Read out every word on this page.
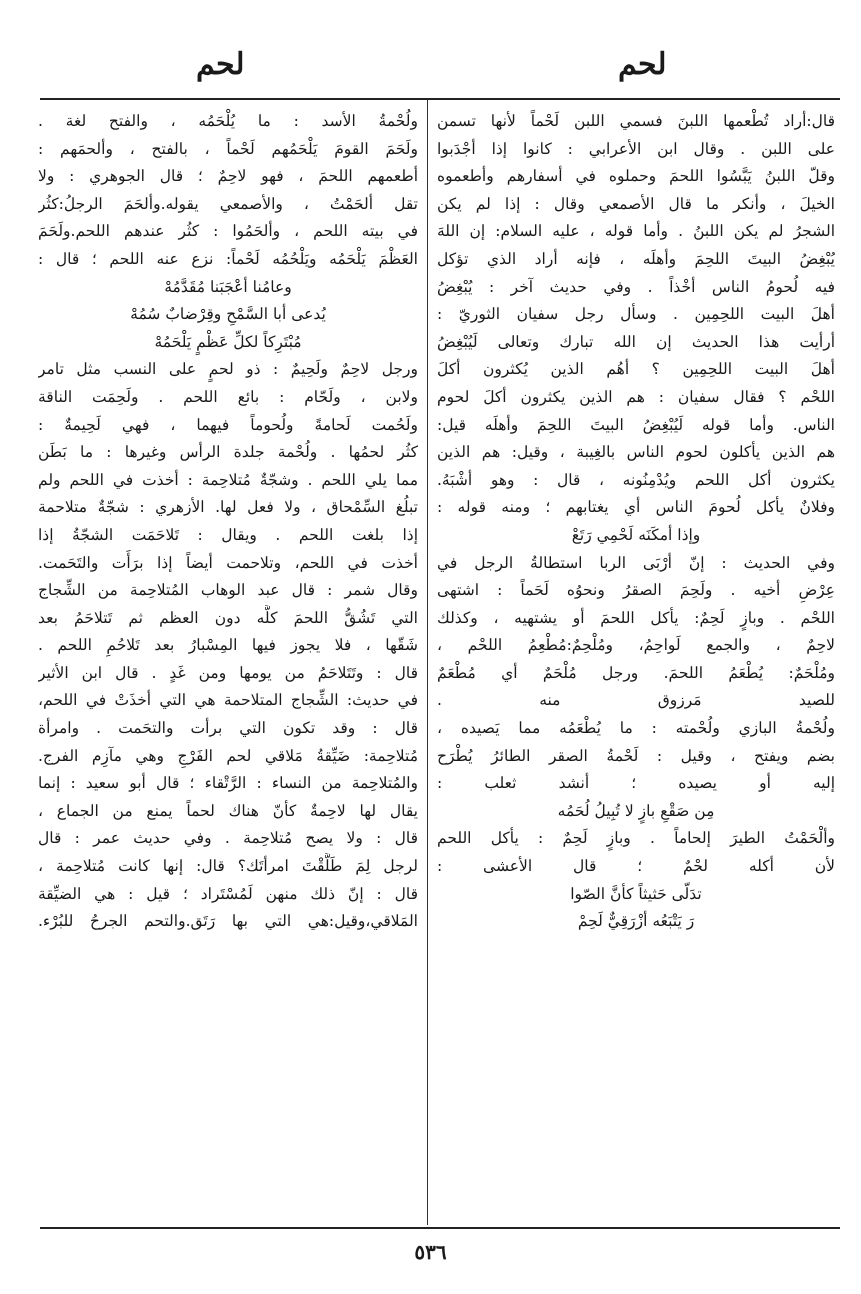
لحم
لحم
قال:أراد تُطْعمها اللبنَ فسمي اللبن لَحْماً لأنها تسمن
على اللبن . وقال ابن الأعرابي : كانوا إذا أجْدَبوا
وقلّ اللبنُ يَبَّسُوا اللحمَ وحملوه في أسفارهم وأطعموه
الخيلَ ، وأنكر ما قال الأصمعي وقال : إذا لم يكن
الشجرُ لم يكن اللبنُ . وأما قوله ، عليه السلام: إن اللهَ
يُبْغِضُ البيتَ اللحِمَ وأهلَه ، فإنه أراد الذي تؤكل
فيه لُحومُ الناس أخْذاً . وفي حديث آخر : يُبْغِضُ
أهلَ البيت اللحِمِين . وسأل رجل سفيان الثوريّ :
أرأيت هذا الحديث إن الله تبارك وتعالى لَيُبْغِضُ
أهلَ البيت اللحِمِين ؟ أهُم الذين يُكثرون أكلَ
اللحْم ؟ فقال سفيان : هم الذين يكثرون أكلَ لحوم
الناس. وأما قوله لَيُبْغِضُ البيتَ اللحِمَ وأهلَه قيل:
هم الذين يأكلون لحوم الناس بالغِيبة ، وقيل: هم الذين
يكثرون أكل اللحم ويُدْمِنُونه ، قال : وهو أشْبَهُ.
وفلانٌ يأكل لُحومَ الناس أي يغتابهم ؛ ومنه قوله :
وإذا أمكَنَه لَحْمِي رَتَعْ
وفي الحديث : إنّ أرْبَى الربا استطالةُ الرجل في
عِرْضِ أخيه . ولَحِمَ الصقرُ ونحوُه لَحَماً : اشتهى
اللحْم . وبازٍ لَحِمٌ: يأكل اللحمَ أو يشتهيه ، وكذلك
لاحِمٌ ، والجمع لَواحِمُ، ومُلْحِمٌ:مُطْعِمُ اللحْم ،
ومُلْحَمٌ: يُطْعَمُ اللحمَ. ورجل مُلْحَمٌ أي مُطْعَمٌ
للصيد مَرزوق منه .
ولُحْمةُ البازي ولُحْمته : ما يُطْعَمُه مما يَصيده ،
بضم ويفتح ، وقيل : لَحْمةُ الصقر الطائرُ يُطْرَح
إليه أو يصيده ؛ أنشد ثعلب :
مِن صَقْعِ بازٍ لا تُبِيلُ لُحَمُه
وألْحَمْتُ الطيرَ إلحاماً . وبازٍ لَحِمٌ : يأكل اللحم
لأن أكله لحْمٌ ؛ قال الأعشى :
تدَلّى حَثيثاً كأنَّ الصّوا
رَ يَتْبَعُه أزْرَقِيٌّ لَحِمْ
ولُحْمةُ الأسد : ما يُلْحَمُه ، والفتح لغة .
ولَحَمَ القومَ يَلْحَمُهم لَحْماً ، بالفتح ، وألحمَهم :
أطعمهم اللحمَ ، فهو لاحِمٌ ؛ قال الجوهري : ولا
تقل ألحَمْتُ ، والأصمعي يقوله.وألحَمَ الرجلُ:كثُر
في بيته اللحم ، وألحَمُوا : كثُر عندهم اللحم.ولَحَمَ
العَظْمَ يَلْحَمُه ويَلْحُمُه لَحْماً: نزع عنه اللحم ؛ قال :
وعامُنا أعْجَبَنا مُقَدَّمُهْ
يُدعى أبا السَّمْحِ وقِرْضابٌ سُمُهْ
مُبْتَرِكاً لكلِّ عَظْمٍ يَلْحَمُهْ
ورجل لاحِمٌ ولَحِيمٌ : ذو لحمٍ على النسب مثل تامر
ولابن ، ولَحّام : بائع اللحم . ولَحِمَت الناقة
ولَحُمت لَحامةً ولُحوماً فيهما ، فهي لَحِيمةٌ :
كثُر لحمُها . ولُحْمة جلدة الرأس وغيرها : ما بَطَن
مما يلي اللحم . وشجّةٌ مُتلاحِمة : أخذت في اللحم ولم
تبلُغ السِّمْحاق ، ولا فعل لها. الأزهري : شجّةٌ متلاحمة
إذا بلغت اللحم . ويقال : تَلاحَمَت الشجّةُ إذا
أخذت في اللحم، وتلاحمت أيضاً إذا برَأَت والتَحَمت.
وقال شمر : قال عبد الوهاب المُتلاحِمة من الشِّجاج
التي تَشُقُّ اللحمَ كلَّه دون العظم ثم تَتلاحَمُ بعد
شَقّها ، فلا يجوز فيها المِسْبارُ بعد تَلاحُمِ اللحم .
قال : وتَتَلاحَمُ من يومها ومن غَدٍ . قال ابن الأثير
في حديث: الشِّجاج المتلاحمة هي التي أخذَتْ في اللحم،
قال : وقد تكون التي برأت والتحَمت . وامرأة
مُتلاحِمة: ضَيِّقةُ مَلاقي لحم الفَرْجِ وهي مآزِم الفرج.
والمُتلاحِمة من النساء : الرَّتْقاء ؛ قال أبو سعيد : إنما
يقال لها لاحِمةٌ كأنّ هناك لحماً يمنع من الجماع ،
قال : ولا يصح مُتلاحِمة . وفي حديث عمر : قال
لرجل لِمَ طَلَّقْتَ امرأتَك؟ قال: إنها كانت مُتلاحِمة ،
قال : إنّ ذلك منهن لَمُسْتَراد ؛ قيل : هي الضيِّقة
المَلاقي،وقيل:هي التي بها رَتَق.والتحم الجرحُ للبُرْء.
٥٣٦
